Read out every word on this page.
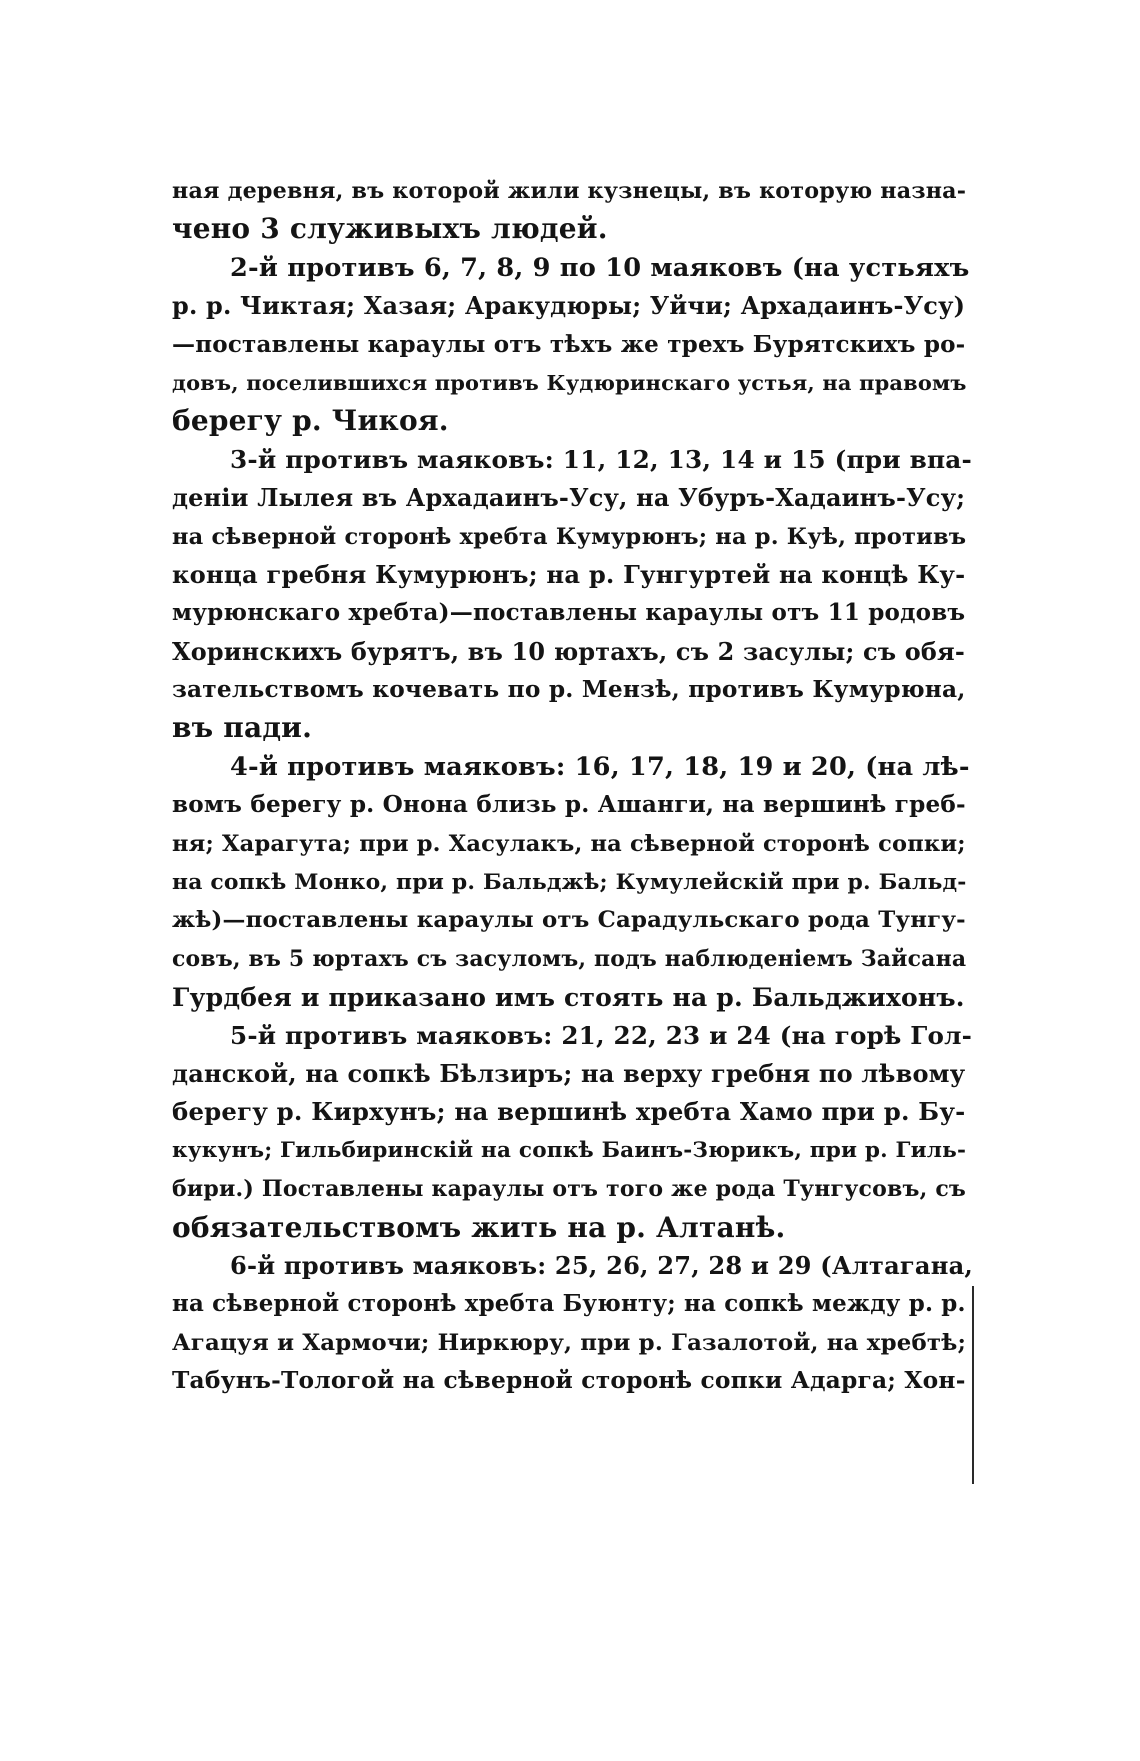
ная деревня, въ которой жили кузнецы, въ которую назна-
чено 3 служивыхъ людей.
2-й противъ 6, 7, 8, 9 по 10 маяковъ (на устьяхъ
р. р. Чиктая; Хазая; Аракудюры; Уйчи; Архадаинъ-Усу)
—поставлены караулы отъ тѣхъ же трехъ Бурятскихъ ро-
довъ, поселившихся противъ Кудюринскаго устья, на правомъ
берегу р. Чикоя.
3-й противъ маяковъ: 11, 12, 13, 14 и 15 (при впа-
деніи Лылея въ Архадаинъ-Усу, на Убуръ-Хадаинъ-Усу;
на сѣверной сторонѣ хребта Кумурюнъ; на р. Куѣ, противъ
конца гребня Кумурюнъ; на р. Гунгуртей на концѣ Ку-
мурюнскаго хребта)—поставлены караулы отъ 11 родовъ
Хоринскихъ бурятъ, въ 10 юртахъ, съ 2 засулы; съ обя-
зательствомъ кочевать по р. Мензѣ, противъ Кумурюна,
въ пади.
4-й противъ маяковъ: 16, 17, 18, 19 и 20, (на лѣ-
вомъ берегу р. Онона близь р. Ашанги, на вершинѣ греб-
ня; Харагута; при р. Хасулакъ, на сѣверной сторонѣ сопки;
на сопкѣ Монко, при р. Бальджѣ; Кумулейскій при р. Бальд-
жѣ)—поставлены караулы отъ Сарадульскаго рода Тунгу-
совъ, въ 5 юртахъ съ засуломъ, подъ наблюденіемъ Зайсана
Гурдбея и приказано имъ стоять на р. Бальджихонъ.
5-й противъ маяковъ: 21, 22, 23 и 24 (на горѣ Гол-
данской, на сопкѣ Бѣлзиръ; на верху гребня по лѣвому
берегу р. Кирхунъ; на вершинѣ хребта Хамо при р. Бу-
кукунъ; Гильбиринскій на сопкѣ Баинъ-Зюрикъ, при р. Гиль-
бири.) Поставлены караулы отъ того же рода Тунгусовъ, съ
обязательствомъ жить на р. Алтанѣ.
6-й противъ маяковъ: 25, 26, 27, 28 и 29 (Алтагана,
на сѣверной сторонѣ хребта Буюнту; на сопкѣ между р. р.
Агацуя и Хармочи; Ниркюру, при р. Газалотой, на хребтѣ;
Табунъ-Тологой на сѣверной сторонѣ сопки Адарга; Хон-
